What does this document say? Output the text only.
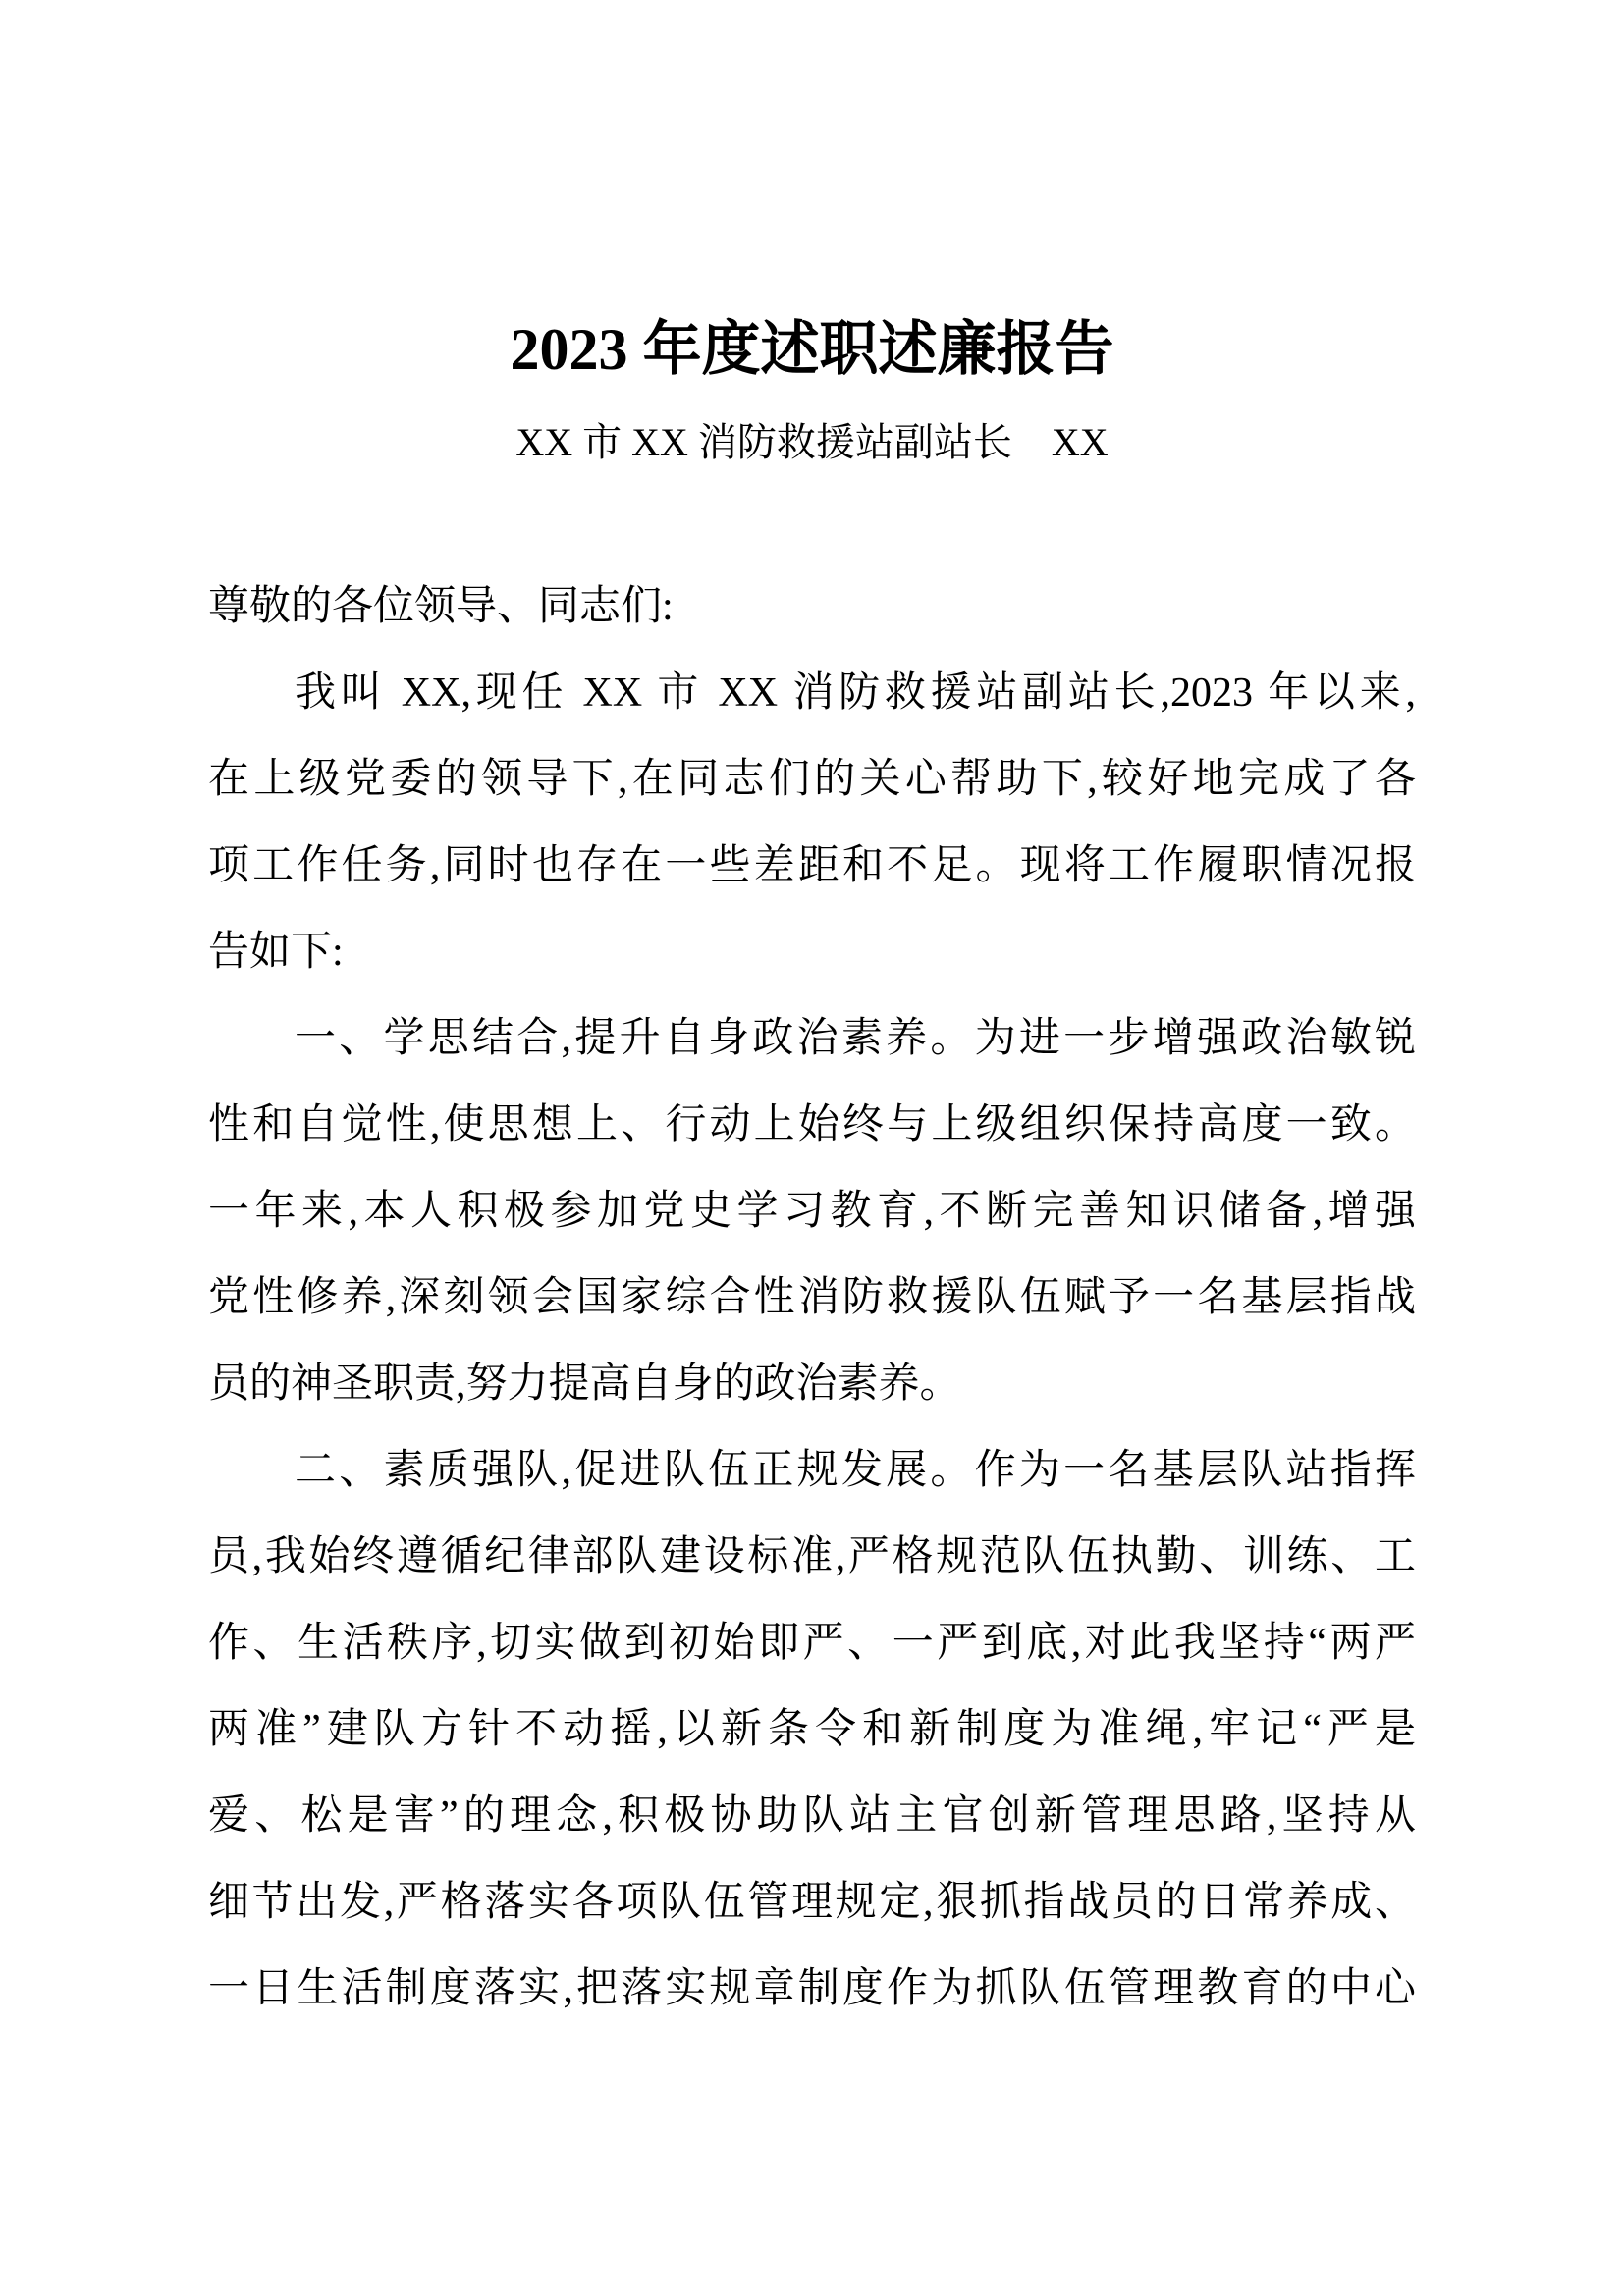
2023 年度述职述廉报告
XX 市 XX 消防救援站副站长　XX
尊敬的各位领导、同志们:
我叫 XX,现任 XX 市 XX 消防救援站副站长,2023 年以来,
在上级党委的领导下,在同志们的关心帮助下,较好地完成了各
项工作任务,同时也存在一些差距和不足。现将工作履职情况报
告如下:
一、学思结合,提升自身政治素养。为进一步增强政治敏锐
性和自觉性,使思想上、行动上始终与上级组织保持高度一致。
一年来,本人积极参加党史学习教育,不断完善知识储备,增强
党性修养,深刻领会国家综合性消防救援队伍赋予一名基层指战
员的神圣职责,努力提高自身的政治素养。
二、素质强队,促进队伍正规发展。作为一名基层队站指挥
员,我始终遵循纪律部队建设标准,严格规范队伍执勤、训练、工
作、生活秩序,切实做到初始即严、一严到底,对此我坚持“两严
两准”建队方针不动摇,以新条令和新制度为准绳,牢记“严是
爱、松是害”的理念,积极协助队站主官创新管理思路,坚持从
细节出发,严格落实各项队伍管理规定,狠抓指战员的日常养成、
一日生活制度落实,把落实规章制度作为抓队伍管理教育的中心
